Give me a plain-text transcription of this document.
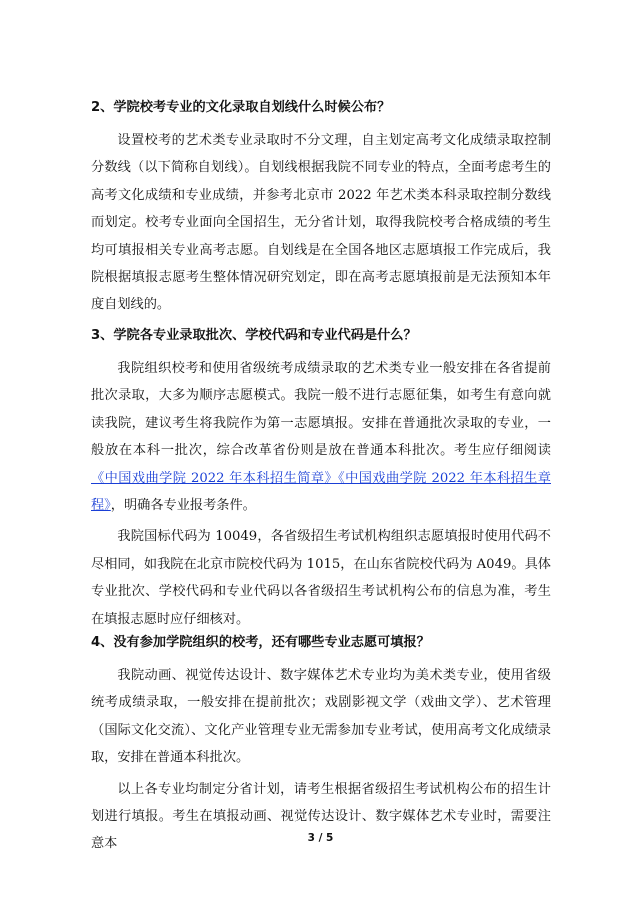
2、学院校考专业的文化录取自划线什么时候公布？

设置校考的艺术类专业录取时不分文理，自主划定高考文化成绩录取控制分数线（以下简称自划线）。自划线根据我院不同专业的特点，全面考虑考生的高考文化成绩和专业成绩，并参考北京市 2022 年艺术类本科录取控制分数线而划定。校考专业面向全国招生，无分省计划，取得我院校考合格成绩的考生均可填报相关专业高考志愿。自划线是在全国各地区志愿填报工作完成后，我院根据填报志愿考生整体情况研究划定，即在高考志愿填报前是无法预知本年度自划线的。

3、学院各专业录取批次、学校代码和专业代码是什么？

我院组织校考和使用省级统考成绩录取的艺术类专业一般安排在各省提前批次录取，大多为顺序志愿模式。我院一般不进行志愿征集，如考生有意向就读我院，建议考生将我院作为第一志愿填报。安排在普通批次录取的专业，一般放在本科一批次，综合改革省份则是放在普通本科批次。考生应仔细阅读《中国戏曲学院 2022 年本科招生简章》《中国戏曲学院 2022 年本科招生章程》，明确各专业报考条件。

我院国标代码为 10049，各省级招生考试机构组织志愿填报时使用代码不尽相同，如我院在北京市院校代码为 1015，在山东省院校代码为 A049。具体专业批次、学校代码和专业代码以各省级招生考试机构公布的信息为准，考生在填报志愿时应仔细核对。

4、没有参加学院组织的校考，还有哪些专业志愿可填报？

我院动画、视觉传达设计、数字媒体艺术专业均为美术类专业，使用省级统考成绩录取，一般安排在提前批次；戏剧影视文学（戏曲文学）、艺术管理（国际文化交流）、文化产业管理专业无需参加专业考试，使用高考文化成绩录取，安排在普通本科批次。

以上各专业均制定分省计划，请考生根据省级招生考试机构公布的招生计划进行填报。考生在填报动画、视觉传达设计、数字媒体艺术专业时，需要注意本	3 / 5
